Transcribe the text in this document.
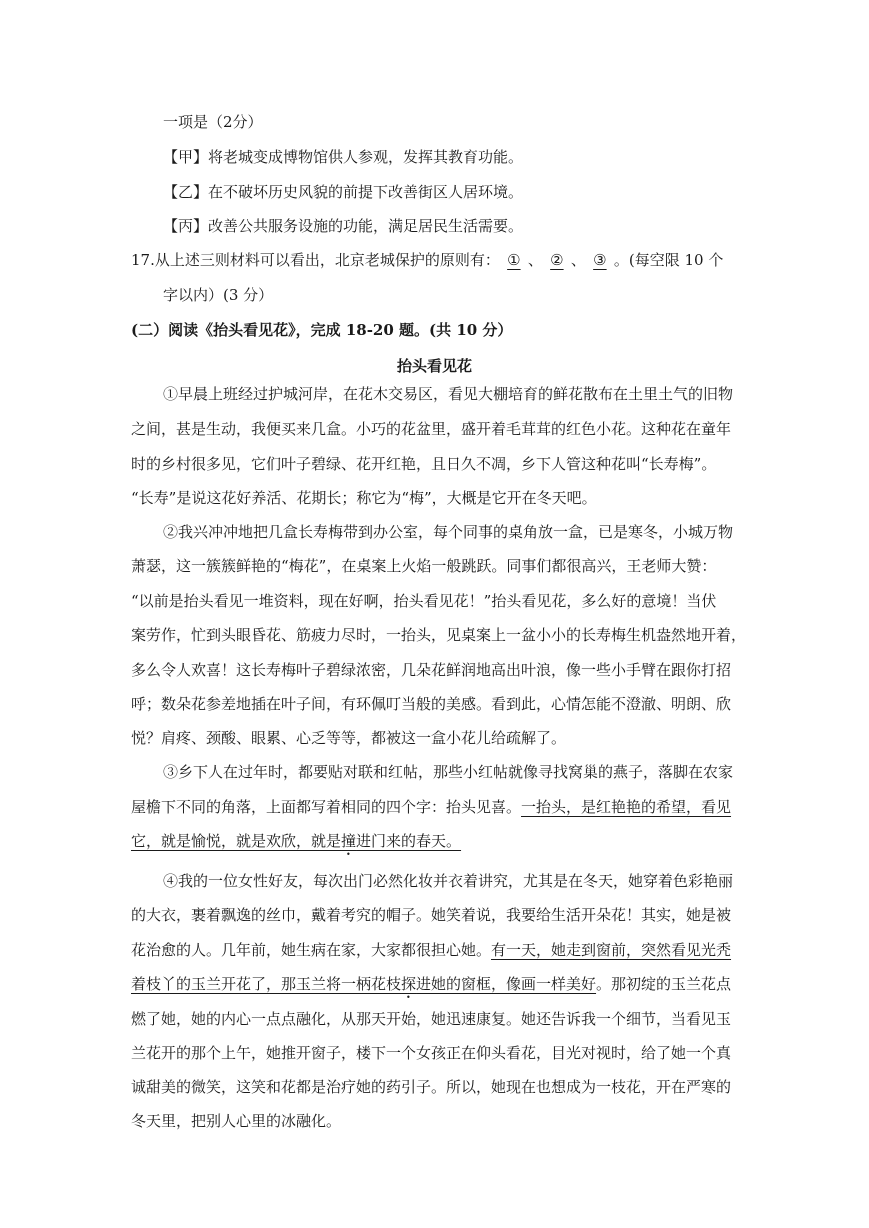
一项是（2分）
【甲】将老城变成博物馆供人参观，发挥其教育功能。
【乙】在不破坏历史风貌的前提下改善街区人居环境。
【丙】改善公共服务设施的功能，满足居民生活需要。
17.从上述三则材料可以看出，北京老城保护的原则有： ① 、 ② 、 ③ 。(每空限 10 个
字以内）(3 分）
(二）阅读《抬头看见花》，完成 18-20 题。(共 10 分）
抬头看见花
①早晨上班经过护城河岸，在花木交易区，看见大棚培育的鲜花散布在土里土气的旧物
之间，甚是生动，我便买来几盒。小巧的花盆里，盛开着毛茸茸的红色小花。这种花在童年
时的乡村很多见，它们叶子碧绿、花开红艳，且日久不凋，乡下人管这种花叫“长寿梅”。
“长寿”是说这花好养活、花期长；称它为“梅”，大概是它开在冬天吧。
②我兴冲冲地把几盒长寿梅带到办公室，每个同事的桌角放一盒，已是寒冬，小城万物
萧瑟，这一簇簇鲜艳的“梅花”，在桌案上火焰一般跳跃。同事们都很高兴，王老师大赞：
“以前是抬头看见一堆资料，现在好啊，抬头看见花！”抬头看见花，多么好的意境！当伏
案劳作，忙到头眼昏花、筋疲力尽时，一抬头，见桌案上一盆小小的长寿梅生机盎然地开着，
多么令人欢喜！这长寿梅叶子碧绿浓密，几朵花鲜润地高出叶浪，像一些小手臂在跟你打招
呼；数朵花参差地插在叶子间，有环佩叮当般的美感。看到此，心情怎能不澄澈、明朗、欣
悦？肩疼、颈酸、眼累、心乏等等，都被这一盒小花儿给疏解了。
③乡下人在过年时，都要贴对联和红帖，那些小红帖就像寻找窝巢的燕子，落脚在农家
屋檐下不同的角落，上面都写着相同的四个字：抬头见喜。一抬头，是红艳艳的希望，看见
它，就是愉悦，就是欢欣，就是撞进门来的春天。
④我的一位女性好友，每次出门必然化妆并衣着讲究，尤其是在冬天，她穿着色彩艳丽
的大衣，裹着飘逸的丝巾，戴着考究的帽子。她笑着说，我要给生活开朵花！其实，她是被
花治愈的人。几年前，她生病在家，大家都很担心她。有一天，她走到窗前，突然看见光秃
着枝丫的玉兰开花了，那玉兰将一柄花枝探进她的窗框，像画一样美好。那初绽的玉兰花点
燃了她，她的内心一点点融化，从那天开始，她迅速康复。她还告诉我一个细节，当看见玉
兰花开的那个上午，她推开窗子，楼下一个女孩正在仰头看花，目光对视时，给了她一个真
诚甜美的微笑，这笑和花都是治疗她的药引子。所以，她现在也想成为一枝花，开在严寒的
冬天里，把别人心里的冰融化。
